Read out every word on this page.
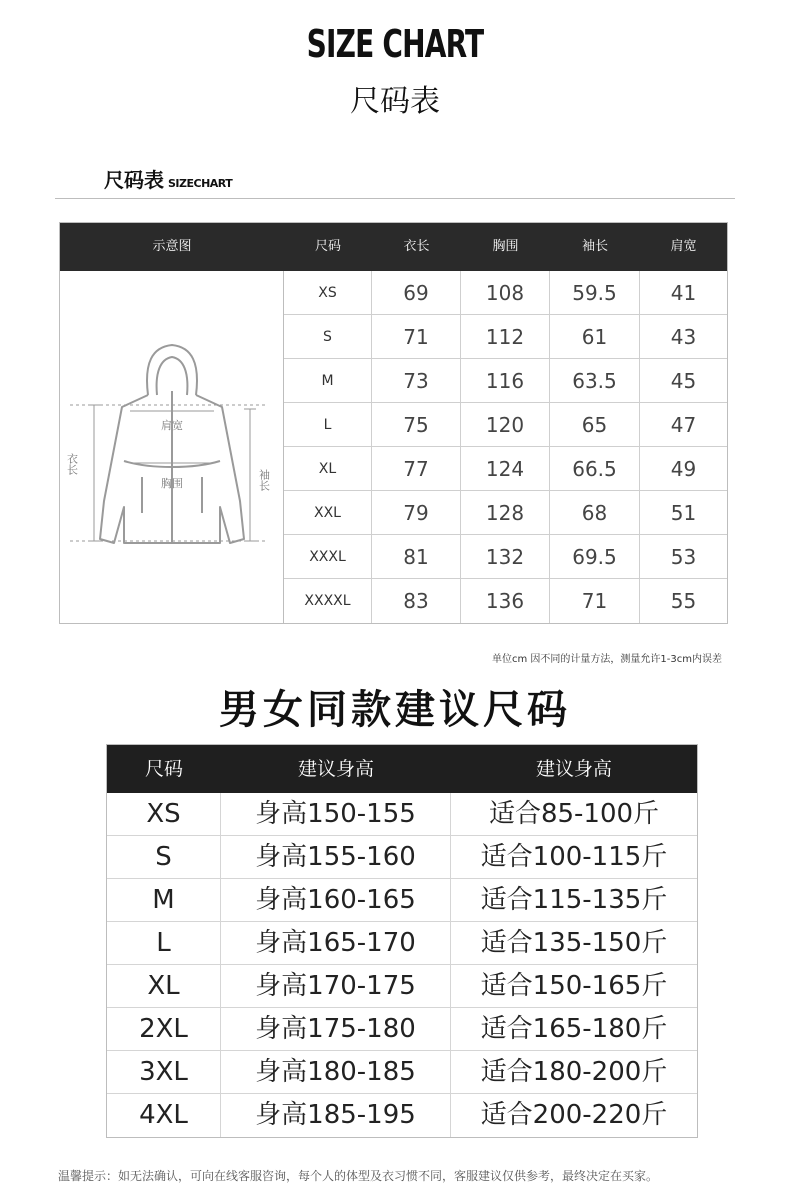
SIZE CHART
尺码表
尺码表 SIZECHART
示意图	尺码	衣长	胸围	袖长	肩宽
肩宽
胸围
衣长
袖长
XS	69	108	59.5	41
S	71	112	61	43
M	73	116	63.5	45
L	75	120	65	47
XL	77	124	66.5	49
XXL	79	128	68	51
XXXL	81	132	69.5	53
XXXXL	83	136	71	55
单位cm 因不同的计量方法，测量允许1-3cm内误差
男女同款建议尺码
尺码	建议身高	建议身高
XS	身高150-155	适合85-100斤
S	身高155-160	适合100-115斤
M	身高160-165	适合115-135斤
L	身高165-170	适合135-150斤
XL	身高170-175	适合150-165斤
2XL	身高175-180	适合165-180斤
3XL	身高180-185	适合180-200斤
4XL	身高185-195	适合200-220斤
温馨提示：如无法确认，可向在线客服咨询，每个人的体型及衣习惯不同，客服建议仅供参考，最终决定在买家。
